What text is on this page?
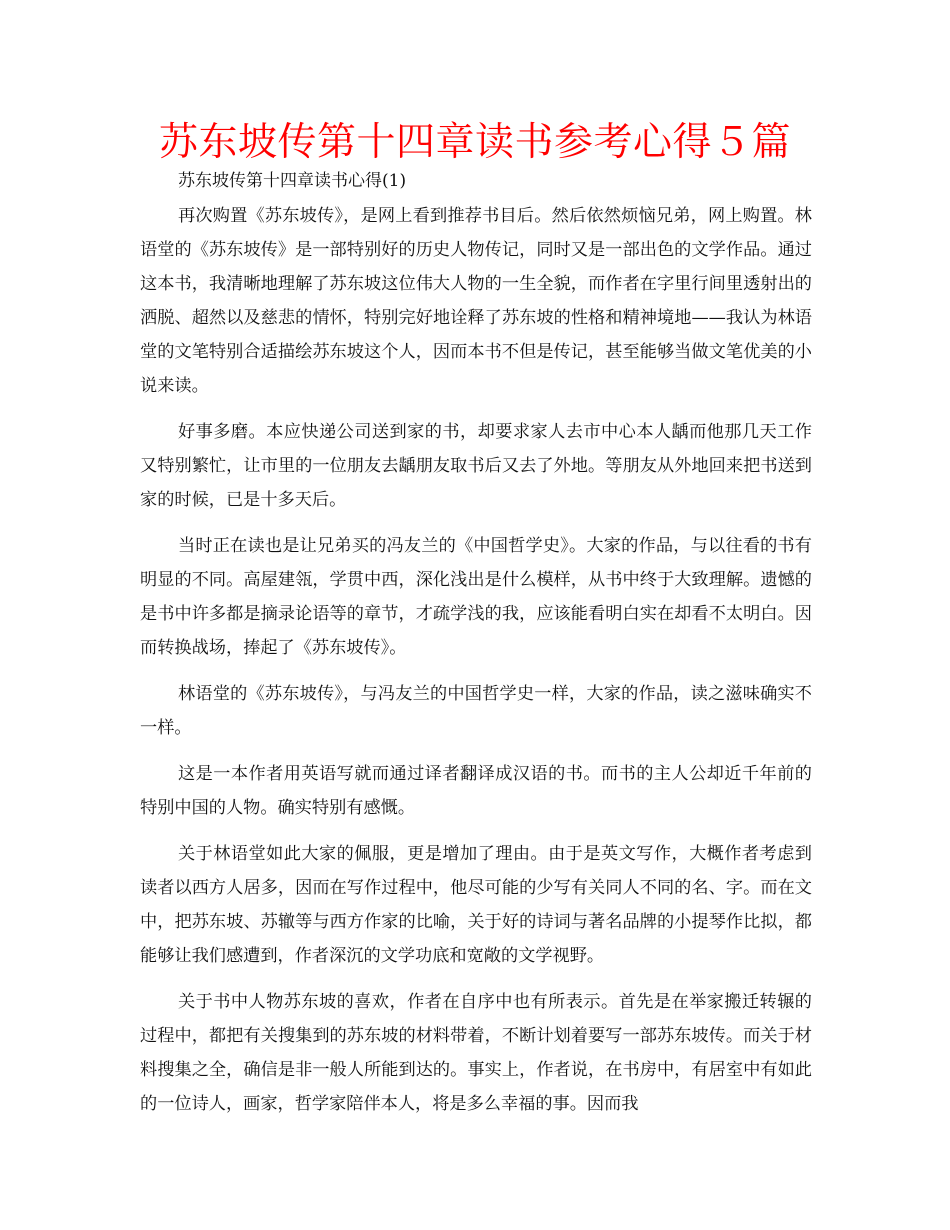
苏东坡传第十四章读书参考心得５篇
苏东坡传第十四章读书心得(1)

再次购置《苏东坡传》，是网上看到推荐书目后。然后依然烦恼兄弟，网上购置。林语堂的《苏东坡传》是一部特别好的历史人物传记，同时又是一部出色的文学作品。通过这本书，我清晰地理解了苏东坡这位伟大人物的一生全貌，而作者在字里行间里透射出的洒脱、超然以及慈悲的情怀，特别完好地诠释了苏东坡的性格和精神境地——我认为林语堂的文笔特别合适描绘苏东坡这个人，因而本书不但是传记，甚至能够当做文笔优美的小说来读。

好事多磨。本应快递公司送到家的书，却要求家人去市中心本人龋而他那几天工作又特别繁忙，让市里的一位朋友去龋朋友取书后又去了外地。等朋友从外地回来把书送到家的时候，已是十多天后。

当时正在读也是让兄弟买的冯友兰的《中国哲学史》。大家的作品，与以往看的书有明显的不同。高屋建瓴，学贯中西，深化浅出是什么模样，从书中终于大致理解。遗憾的是书中许多都是摘录论语等的章节，才疏学浅的我，应该能看明白实在却看不太明白。因而转换战场，捧起了《苏东坡传》。

林语堂的《苏东坡传》，与冯友兰的中国哲学史一样，大家的作品，读之滋味确实不一样。

这是一本作者用英语写就而通过译者翻译成汉语的书。而书的主人公却近千年前的特别中国的人物。确实特别有感慨。

关于林语堂如此大家的佩服，更是增加了理由。由于是英文写作，大概作者考虑到读者以西方人居多，因而在写作过程中，他尽可能的少写有关同人不同的名、字。而在文中，把苏东坡、苏辙等与西方作家的比喻，关于好的诗词与著名品牌的小提琴作比拟，都能够让我们感遭到，作者深沉的文学功底和宽敞的文学视野。

关于书中人物苏东坡的喜欢，作者在自序中也有所表示。首先是在举家搬迁转辗的过程中，都把有关搜集到的苏东坡的材料带着，不断计划着要写一部苏东坡传。而关于材料搜集之全，确信是非一般人所能到达的。事实上，作者说，在书房中，有居室中有如此的一位诗人，画家，哲学家陪伴本人，将是多么幸福的事。因而我
